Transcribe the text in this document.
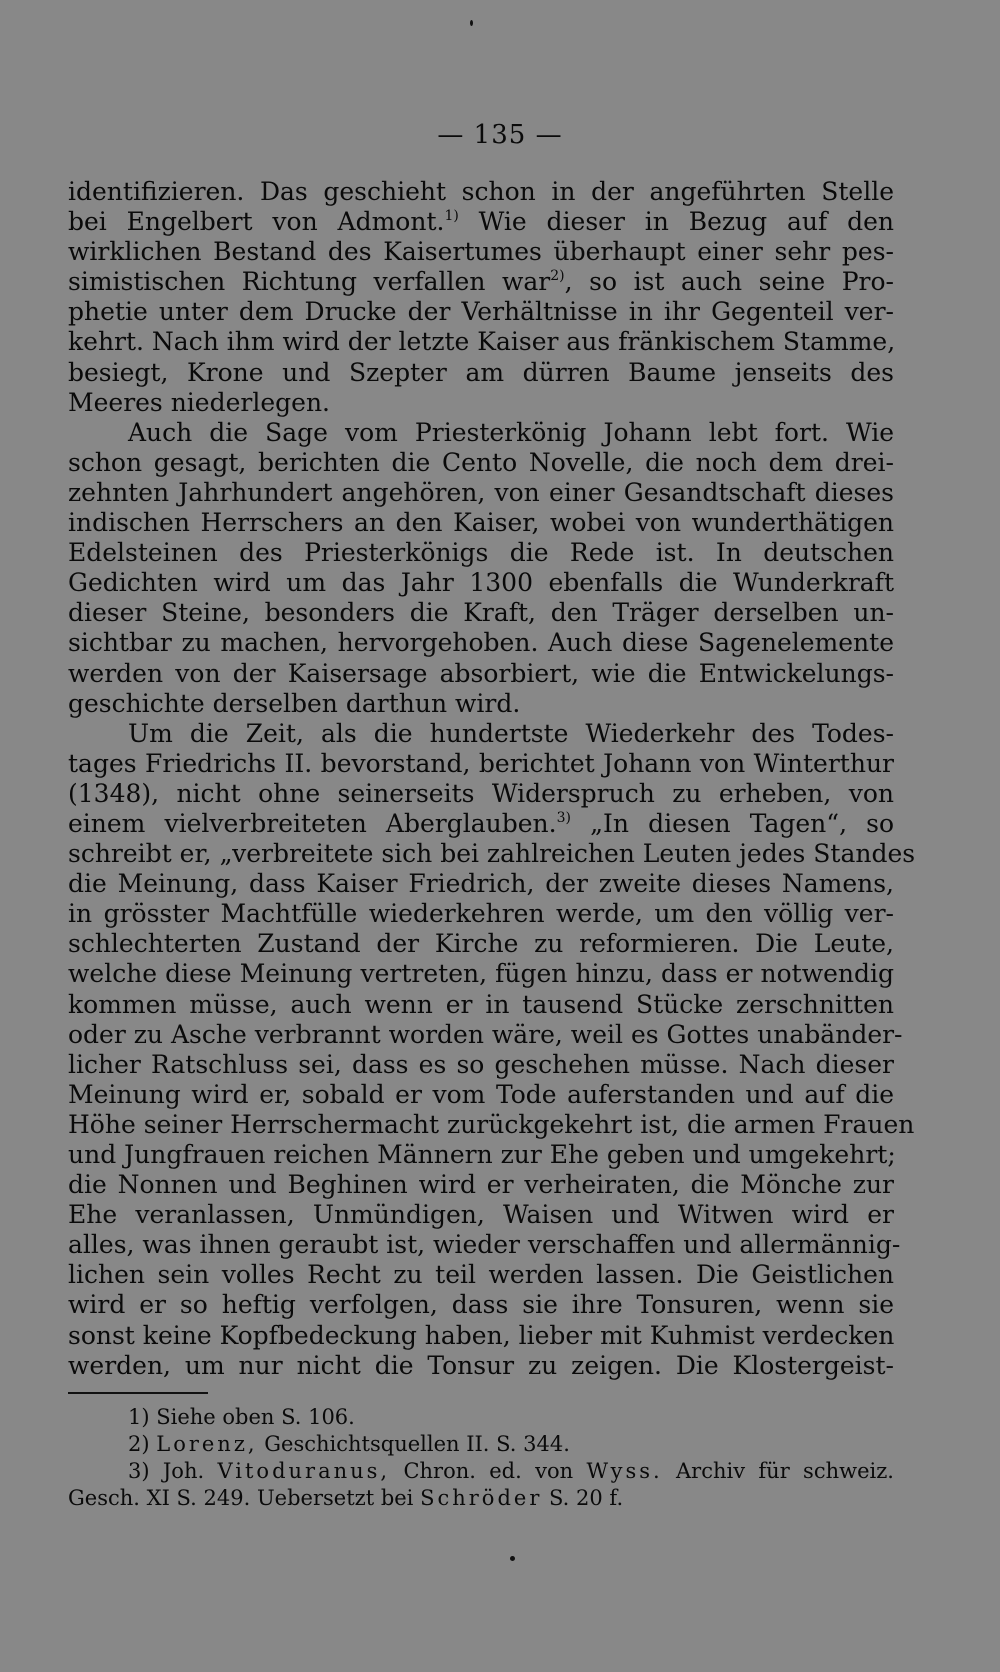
— 135 —
identifizieren. Das geschieht schon in der angeführten Stelle
bei Engelbert von Admont.$^{1)}$ Wie dieser in Bezug auf den
wirklichen Bestand des Kaisertumes überhaupt einer sehr pes-
simistischen Richtung verfallen war$^{2)}$, so ist auch seine Pro-
phetie unter dem Drucke der Verhältnisse in ihr Gegenteil ver-
kehrt. Nach ihm wird der letzte Kaiser aus fränkischem Stamme,
besiegt, Krone und Szepter am dürren Baume jenseits des
Meeres niederlegen.
Auch die Sage vom Priesterkönig Johann lebt fort. Wie
schon gesagt, berichten die Cento Novelle, die noch dem drei-
zehnten Jahrhundert angehören, von einer Gesandtschaft dieses
indischen Herrschers an den Kaiser, wobei von wunderthätigen
Edelsteinen des Priesterkönigs die Rede ist. In deutschen
Gedichten wird um das Jahr 1300 ebenfalls die Wunderkraft
dieser Steine, besonders die Kraft, den Träger derselben un-
sichtbar zu machen, hervorgehoben. Auch diese Sagenelemente
werden von der Kaisersage absorbiert, wie die Entwickelungs-
geschichte derselben darthun wird.
Um die Zeit, als die hundertste Wiederkehr des Todes-
tages Friedrichs II. bevorstand, berichtet Johann von Winterthur
(1348), nicht ohne seinerseits Widerspruch zu erheben, von
einem vielverbreiteten Aberglauben.$^{3)}$ „In diesen Tagen“, so
schreibt er, „verbreitete sich bei zahlreichen Leuten jedes Standes
die Meinung, dass Kaiser Friedrich, der zweite dieses Namens,
in grösster Machtfülle wiederkehren werde, um den völlig ver-
schlechterten Zustand der Kirche zu reformieren. Die Leute,
welche diese Meinung vertreten, fügen hinzu, dass er notwendig
kommen müsse, auch wenn er in tausend Stücke zerschnitten
oder zu Asche verbrannt worden wäre, weil es Gottes unabänder-
licher Ratschluss sei, dass es so geschehen müsse. Nach dieser
Meinung wird er, sobald er vom Tode auferstanden und auf die
Höhe seiner Herrschermacht zurückgekehrt ist, die armen Frauen
und Jungfrauen reichen Männern zur Ehe geben und umgekehrt;
die Nonnen und Beghinen wird er verheiraten, die Mönche zur
Ehe veranlassen, Unmündigen, Waisen und Witwen wird er
alles, was ihnen geraubt ist, wieder verschaffen und allermännig-
lichen sein volles Recht zu teil werden lassen. Die Geistlichen
wird er so heftig verfolgen, dass sie ihre Tonsuren, wenn sie
sonst keine Kopfbedeckung haben, lieber mit Kuhmist verdecken
werden, um nur nicht die Tonsur zu zeigen. Die Klostergeist-
1) Siehe oben S. 106.
2) Lorenz, Geschichtsquellen II. S. 344.
3) Joh. Vitoduranus, Chron. ed. von Wyss. Archiv für schweiz.
Gesch. XI S. 249. Uebersetzt bei Schröder S. 20 f.
